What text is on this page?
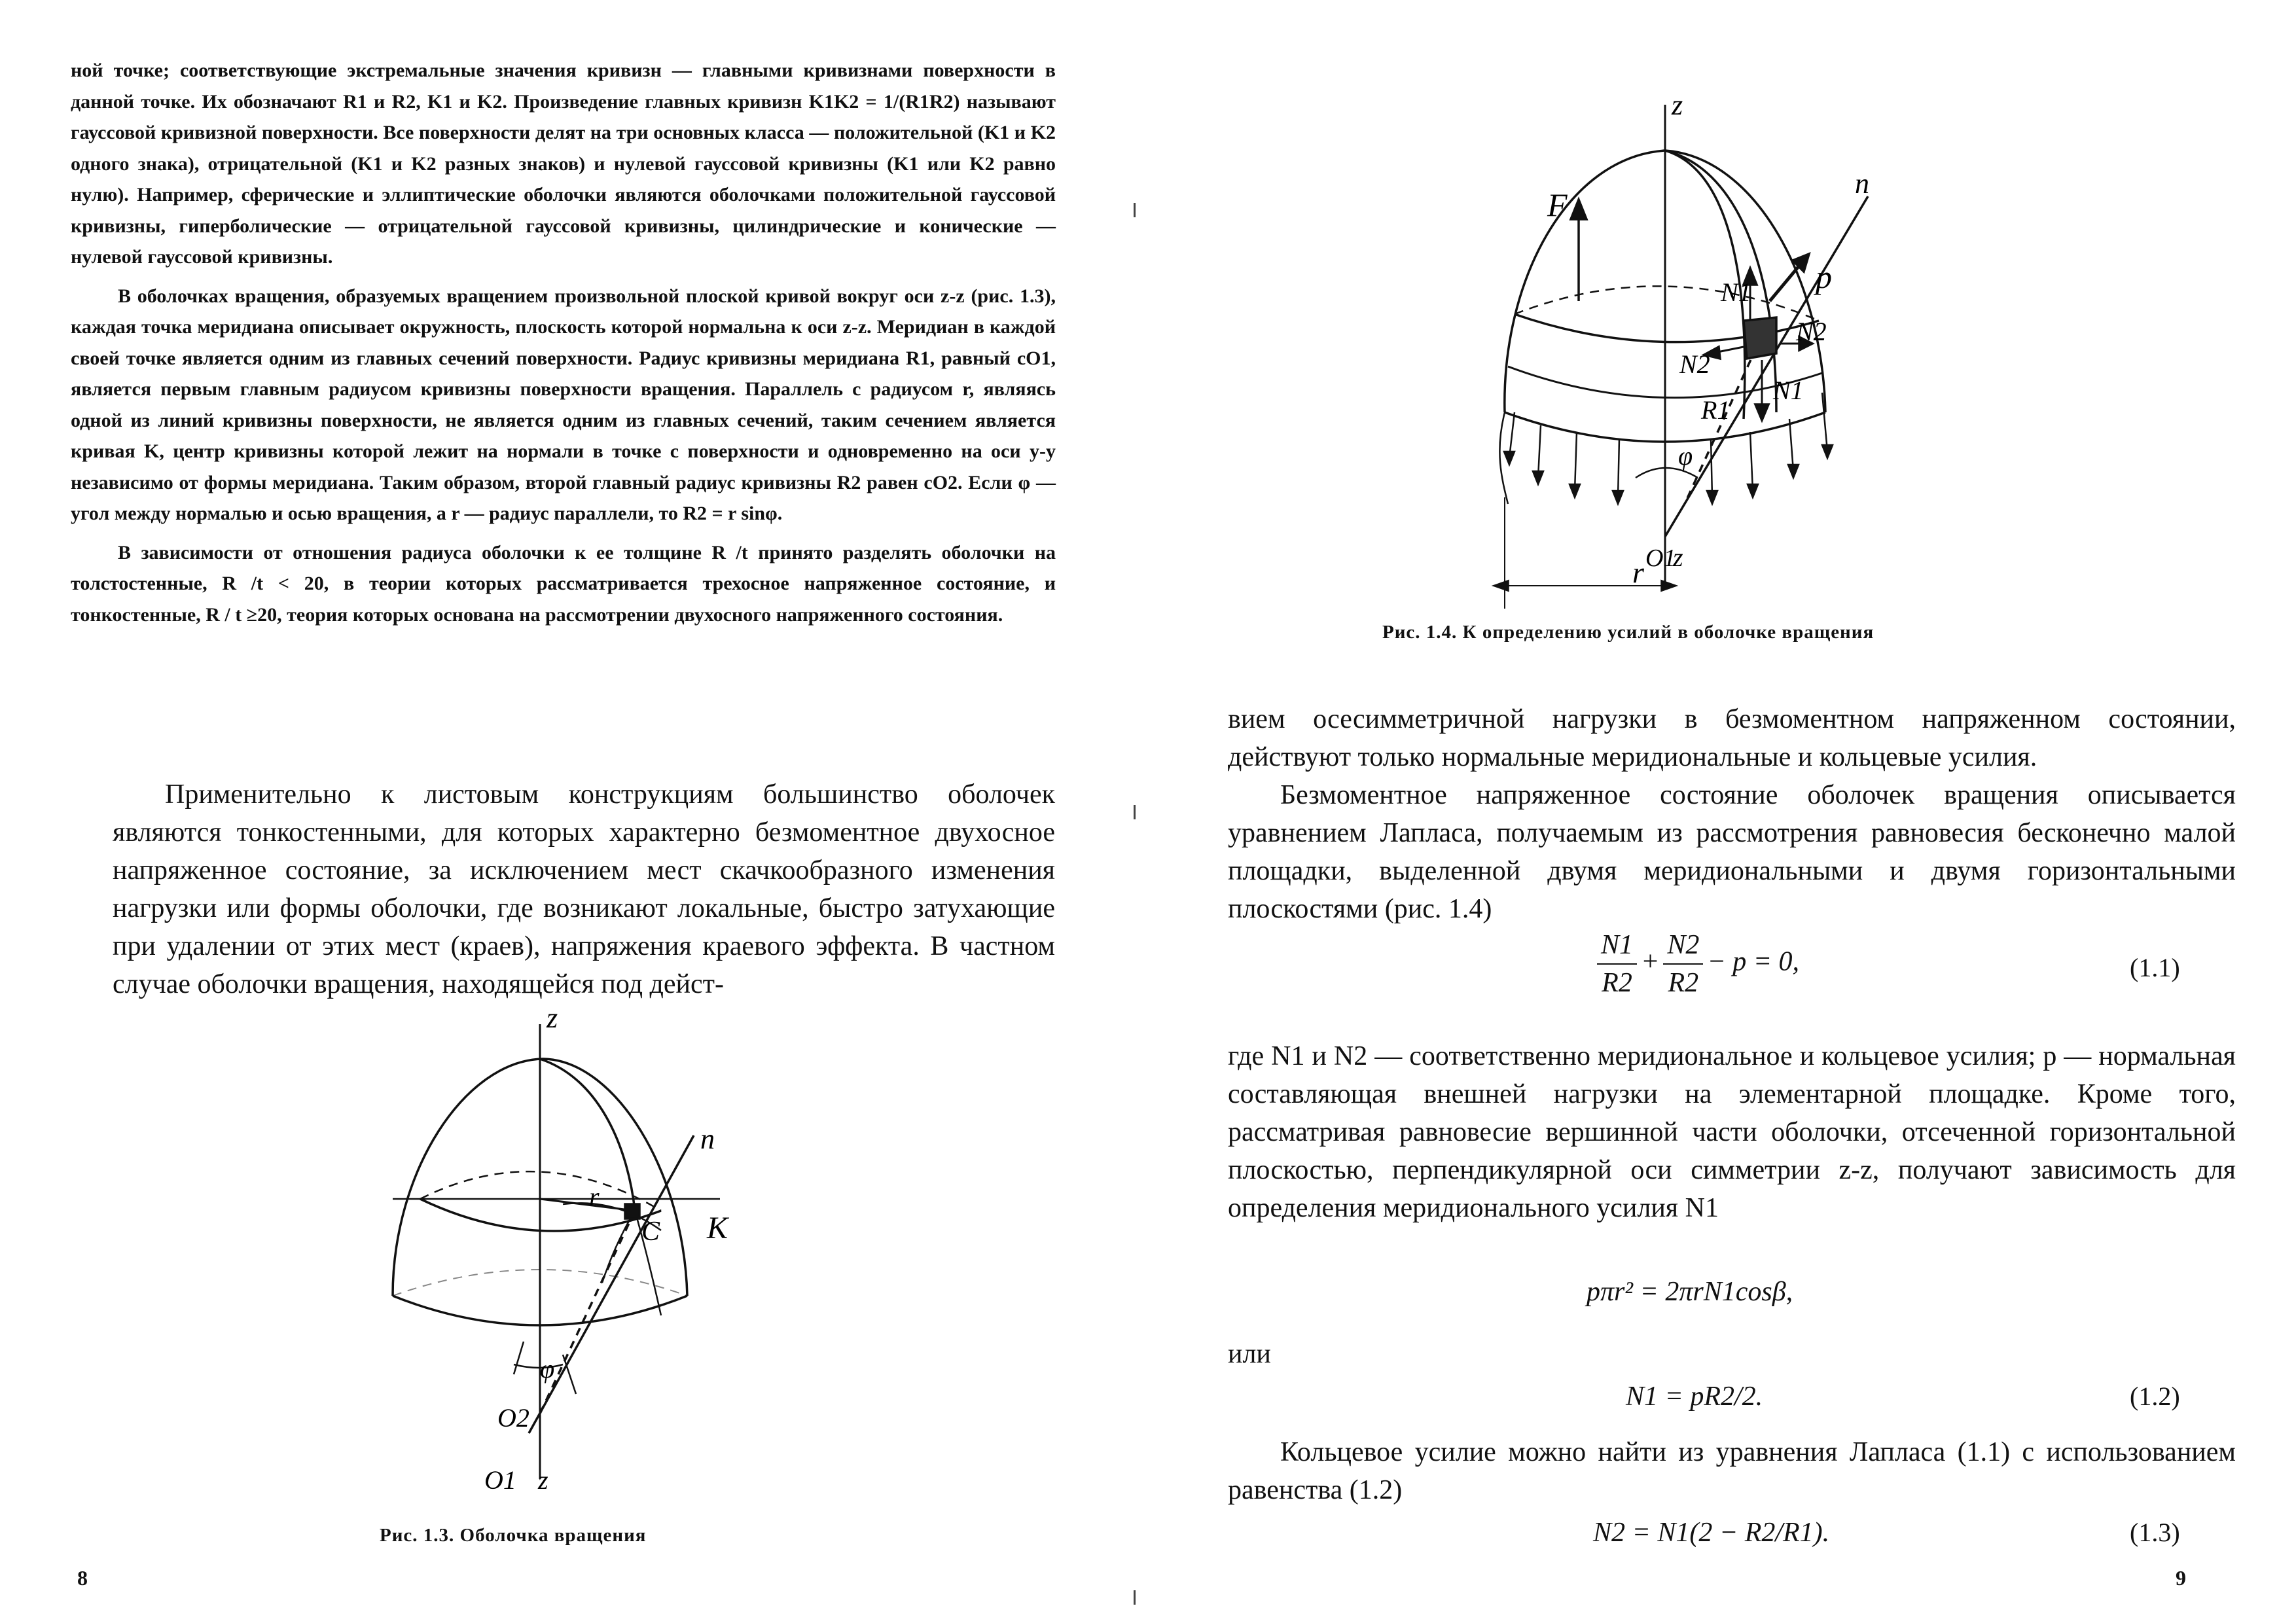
ной точке; соответствующие экстремальные значения кривизн — главными кривизнами поверхности в данной точке. Их обозначают R1 и R2, K1 и K2. Произведение главных кривизн K1K2 = 1/(R1R2) называют гауссовой кривизной поверхности. Все поверхности делят на три основных класса — положительной (K1 и K2 одного знака), отрицательной (K1 и K2 разных знаков) и нулевой гауссовой кривизны (K1 или K2 равно нулю). Например, сферические и эллиптические оболочки являются оболочками положительной гауссовой кривизны, гиперболические — отрицательной гауссовой кривизны, цилиндрические и конические — нулевой гауссовой кривизны.

В оболочках вращения, образуемых вращением произвольной плоской кривой вокруг оси z-z (рис. 1.3), каждая точка меридиана описывает окружность, плоскость которой нормальна к оси z-z. Меридиан в каждой своей точке является одним из главных сечений поверхности. Радиус кривизны меридиана R1, равный cO1, является первым главным радиусом кривизны поверхности вращения. Параллель с радиусом r, являясь одной из линий кривизны поверхности, не является одним из главных сечений, таким сечением является кривая K, центр кривизны которой лежит на нормали в точке c поверхности и одновременно на оси y-y независимо от формы меридиана. Таким образом, второй главный радиус кривизны R2 равен cO2. Если φ — угол между нормалью и осью вращения, а r — радиус параллели, то R2 = r sinφ.

В зависимости от отношения радиуса оболочки к ее толщине R /t принято разделять оболочки на толстостенные, R /t < 20, в теории которых рассматривается трехосное напряженное состояние, и тонкостенные, R / t ≥20, теория которых основана на рассмотрении двухосного напряженного состояния.

Применительно к листовым конструкциям большинство оболочек являются тонкостенными, для которых характерно безмоментное двухосное напряженное состояние, за исключением мест скачкообразного изменения нагрузки или формы оболочки, где возникают локальные, быстро затухающие при удалении от этих мест (краев), напряжения краевого эффекта. В частном случае оболочки вращения, находящейся под дейст-

z
n
r
K
C
φ
O2
O1 z
Рис. 1.3. Оболочка вращения
8
z
n
F
p
N1
N2
N2
N1
R1
φ
r O1
z
Рис. 1.4. К определению усилий в оболочке вращения

вием осесимметричной нагрузки в безмоментном напряженном состоянии, действуют только нормальные меридиональные и кольцевые усилия.

Безмоментное напряженное состояние оболочек вращения описывается уравнением Лапласа, получаемым из рассмотрения равновесия бесконечно малой площадки, выделенной двумя меридиональными и двумя горизонтальными плоскостями (рис. 1.4)

$\frac{N1}{R2} + \frac{N2}{R2} - p = 0$,	(1.1)

где N1 и N2 — соответственно меридиональное и кольцевое усилия; p — нормальная составляющая внешней нагрузки на элементарной площадке. Кроме того, рассматривая равновесие вершинной части оболочки, отсеченной горизонтальной плоскостью, перпендикулярной оси симметрии z-z, получают зависимость для определения меридионального усилия N1

pπr² = 2πrN1cosβ,
или
N1 = pR2/2.	(1.2)

Кольцевое усилие можно найти из уравнения Лапласа (1.1) с использованием равенства (1.2)

N2 = N1(2 − R2/R1).	(1.3)
9
